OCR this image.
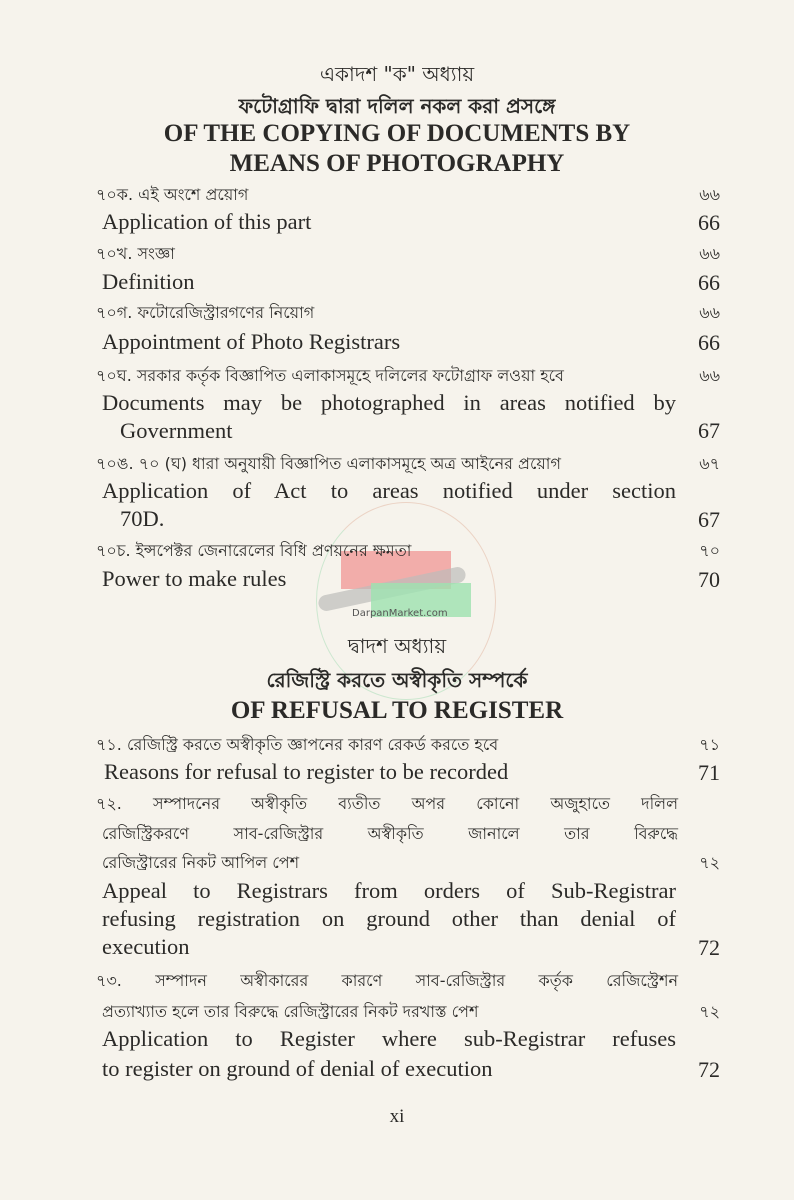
একাদশ "ক" অধ্যায়
ফটোগ্রাফি দ্বারা দলিল নকল করা প্রসঙ্গে
OF THE COPYING OF DOCUMENTS BY
MEANS OF PHOTOGRAPHY
৭০ক. এই অংশে প্রয়োগ	৬৬
Application of this part	66
৭০খ. সংজ্ঞা	৬৬
Definition	66
৭০গ. ফটোরেজিস্ট্রারগণের নিয়োগ	৬৬
Appointment of Photo Registrars	66
৭০ঘ. সরকার কর্তৃক বিজ্ঞাপিত এলাকাসমূহে দলিলের ফটোগ্রাফ লওয়া হবে	৬৬
Documents may be photographed in areas notified by
Government	67
৭০ঙ. ৭০ (ঘ) ধারা অনুযায়ী বিজ্ঞাপিত এলাকাসমূহে অত্র আইনের প্রয়োগ	৬৭
Application of Act to areas notified under section
70D.	67
৭০চ. ইন্সপেক্টর জেনারেলের বিধি প্রণয়নের ক্ষমতা	৭০
Power to make rules	70
DarpanMarket.com
দ্বাদশ অধ্যায়
রেজিস্ট্রি করতে অস্বীকৃতি সম্পর্কে
OF REFUSAL TO REGISTER
৭১. রেজিস্ট্রি করতে অস্বীকৃতি জ্ঞাপনের কারণ রেকর্ড করতে হবে	৭১
Reasons for refusal to register to be recorded	71
৭২. সম্পাদনের অস্বীকৃতি ব্যতীত অপর কোনো অজুহাতে দলিল
রেজিস্ট্রিকরণে সাব-রেজিস্ট্রার অস্বীকৃতি জানালে তার বিরুদ্ধে
রেজিস্ট্রারের নিকট আপিল পেশ	৭২
Appeal to Registrars from orders of Sub-Registrar
refusing registration on ground other than denial of
execution	72
৭৩. সম্পাদন অস্বীকারের কারণে সাব-রেজিস্ট্রার কর্তৃক রেজিস্ট্রেশন
প্রত্যাখ্যাত হলে তার বিরুদ্ধে রেজিস্ট্রারের নিকট দরখাস্ত পেশ	৭২
Application to Register where sub-Registrar refuses
to register on ground of denial of execution	72
xi
